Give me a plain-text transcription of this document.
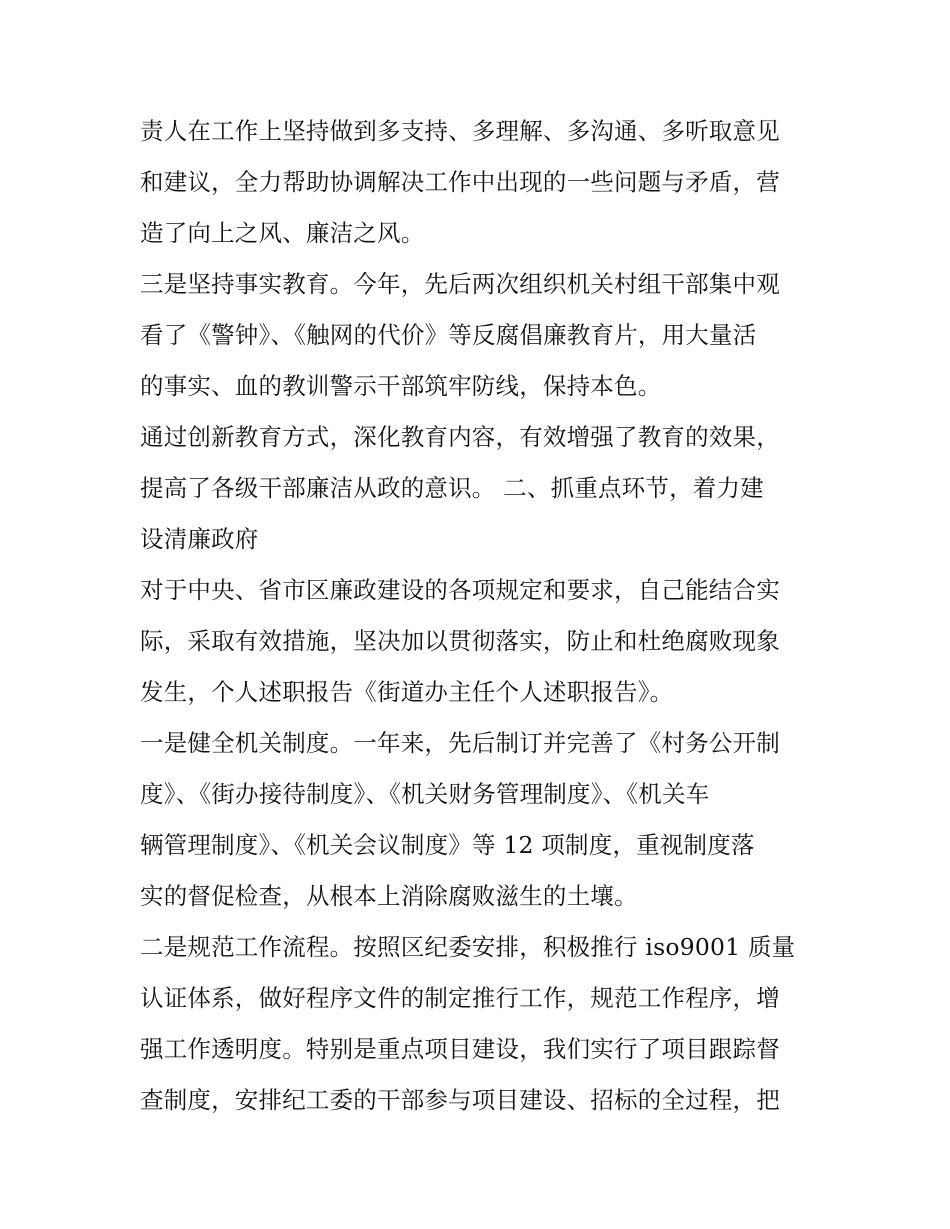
责人在工作上坚持做到多支持、多理解、多沟通、多听取意见
和建议，全力帮助协调解决工作中出现的一些问题与矛盾，营
造了向上之风、廉洁之风。
三是坚持事实教育。今年，先后两次组织机关村组干部集中观
看了《警钟》、《触网的代价》等反腐倡廉教育片，用大量活
的事实、血的教训警示干部筑牢防线，保持本色。
通过创新教育方式，深化教育内容，有效增强了教育的效果，
提高了各级干部廉洁从政的意识。 二、抓重点环节，着力建
设清廉政府
对于中央、省市区廉政建设的各项规定和要求，自己能结合实
际，采取有效措施，坚决加以贯彻落实，防止和杜绝腐败现象
发生，个人述职报告《街道办主任个人述职报告》。
一是健全机关制度。一年来，先后制订并完善了《村务公开制
度》、《街办接待制度》、《机关财务管理制度》、《机关车
辆管理制度》、《机关会议制度》等 12 项制度，重视制度落
实的督促检查，从根本上消除腐败滋生的土壤。
二是规范工作流程。按照区纪委安排，积极推行 iso9001 质量
认证体系，做好程序文件的制定推行工作，规范工作程序，增
强工作透明度。特别是重点项目建设，我们实行了项目跟踪督
查制度，安排纪工委的干部参与项目建设、招标的全过程，把
